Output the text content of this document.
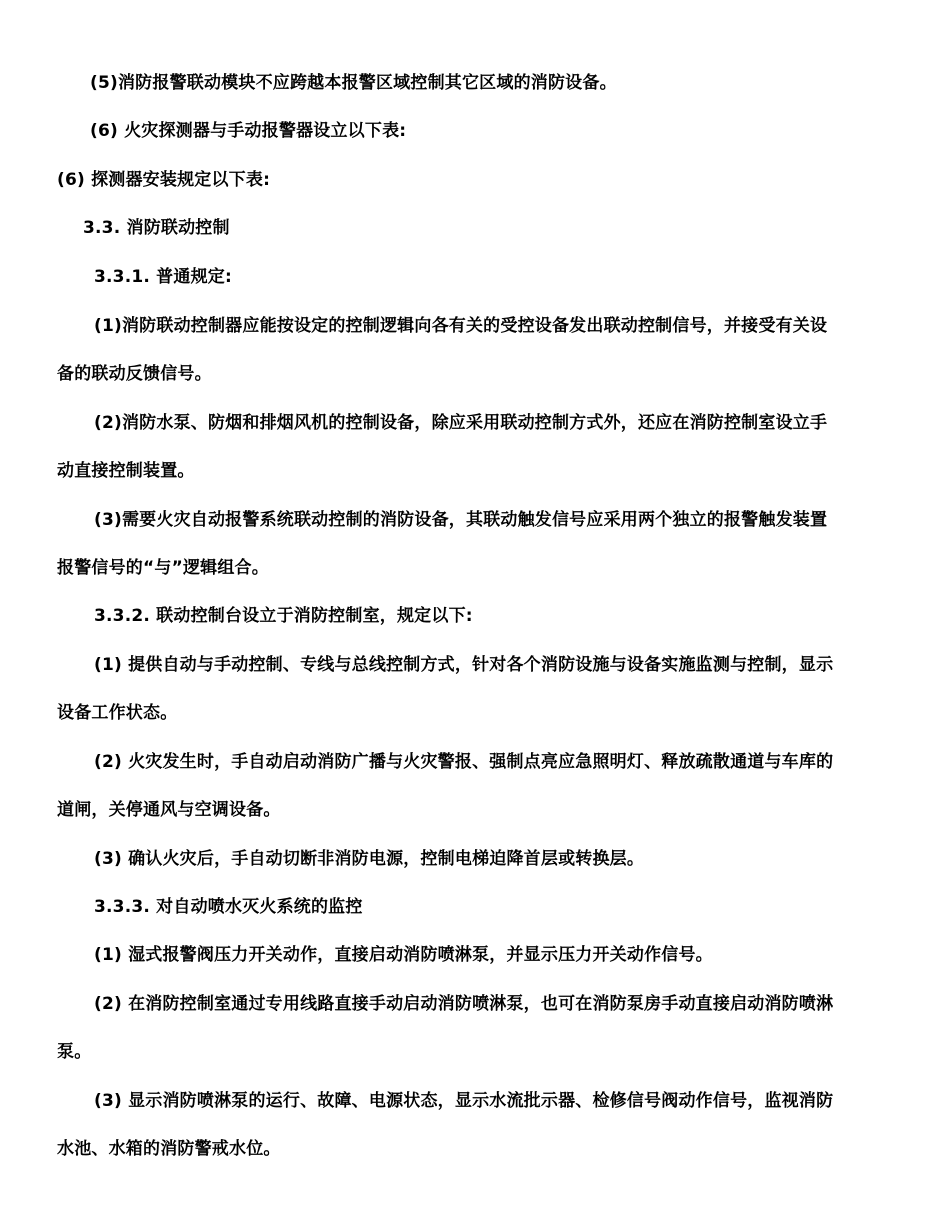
(5)消防报警联动模块不应跨越本报警区域控制其它区域的消防设备。
(6) 火灾探测器与手动报警器设立以下表:
(6) 探测器安装规定以下表:
3.3. 消防联动控制
3.3.1. 普通规定:
(1)消防联动控制器应能按设定的控制逻辑向各有关的受控设备发出联动控制信号，并接受有关设
备的联动反馈信号。
(2)消防水泵、防烟和排烟风机的控制设备，除应采用联动控制方式外，还应在消防控制室设立手
动直接控制装置。
(3)需要火灾自动报警系统联动控制的消防设备，其联动触发信号应采用两个独立的报警触发装置
报警信号的“与”逻辑组合。
3.3.2. 联动控制台设立于消防控制室，规定以下:
(1) 提供自动与手动控制、专线与总线控制方式，针对各个消防设施与设备实施监测与控制，显示
设备工作状态。
(2) 火灾发生时，手自动启动消防广播与火灾警报、强制点亮应急照明灯、释放疏散通道与车库的
道闸，关停通风与空调设备。
(3) 确认火灾后，手自动切断非消防电源，控制电梯迫降首层或转换层。
3.3.3. 对自动喷水灭火系统的监控
(1) 湿式报警阀压力开关动作，直接启动消防喷淋泵，并显示压力开关动作信号。
(2) 在消防控制室通过专用线路直接手动启动消防喷淋泵，也可在消防泵房手动直接启动消防喷淋
泵。
(3) 显示消防喷淋泵的运行、故障、电源状态，显示水流批示器、检修信号阀动作信号，监视消防
水池、水箱的消防警戒水位。
